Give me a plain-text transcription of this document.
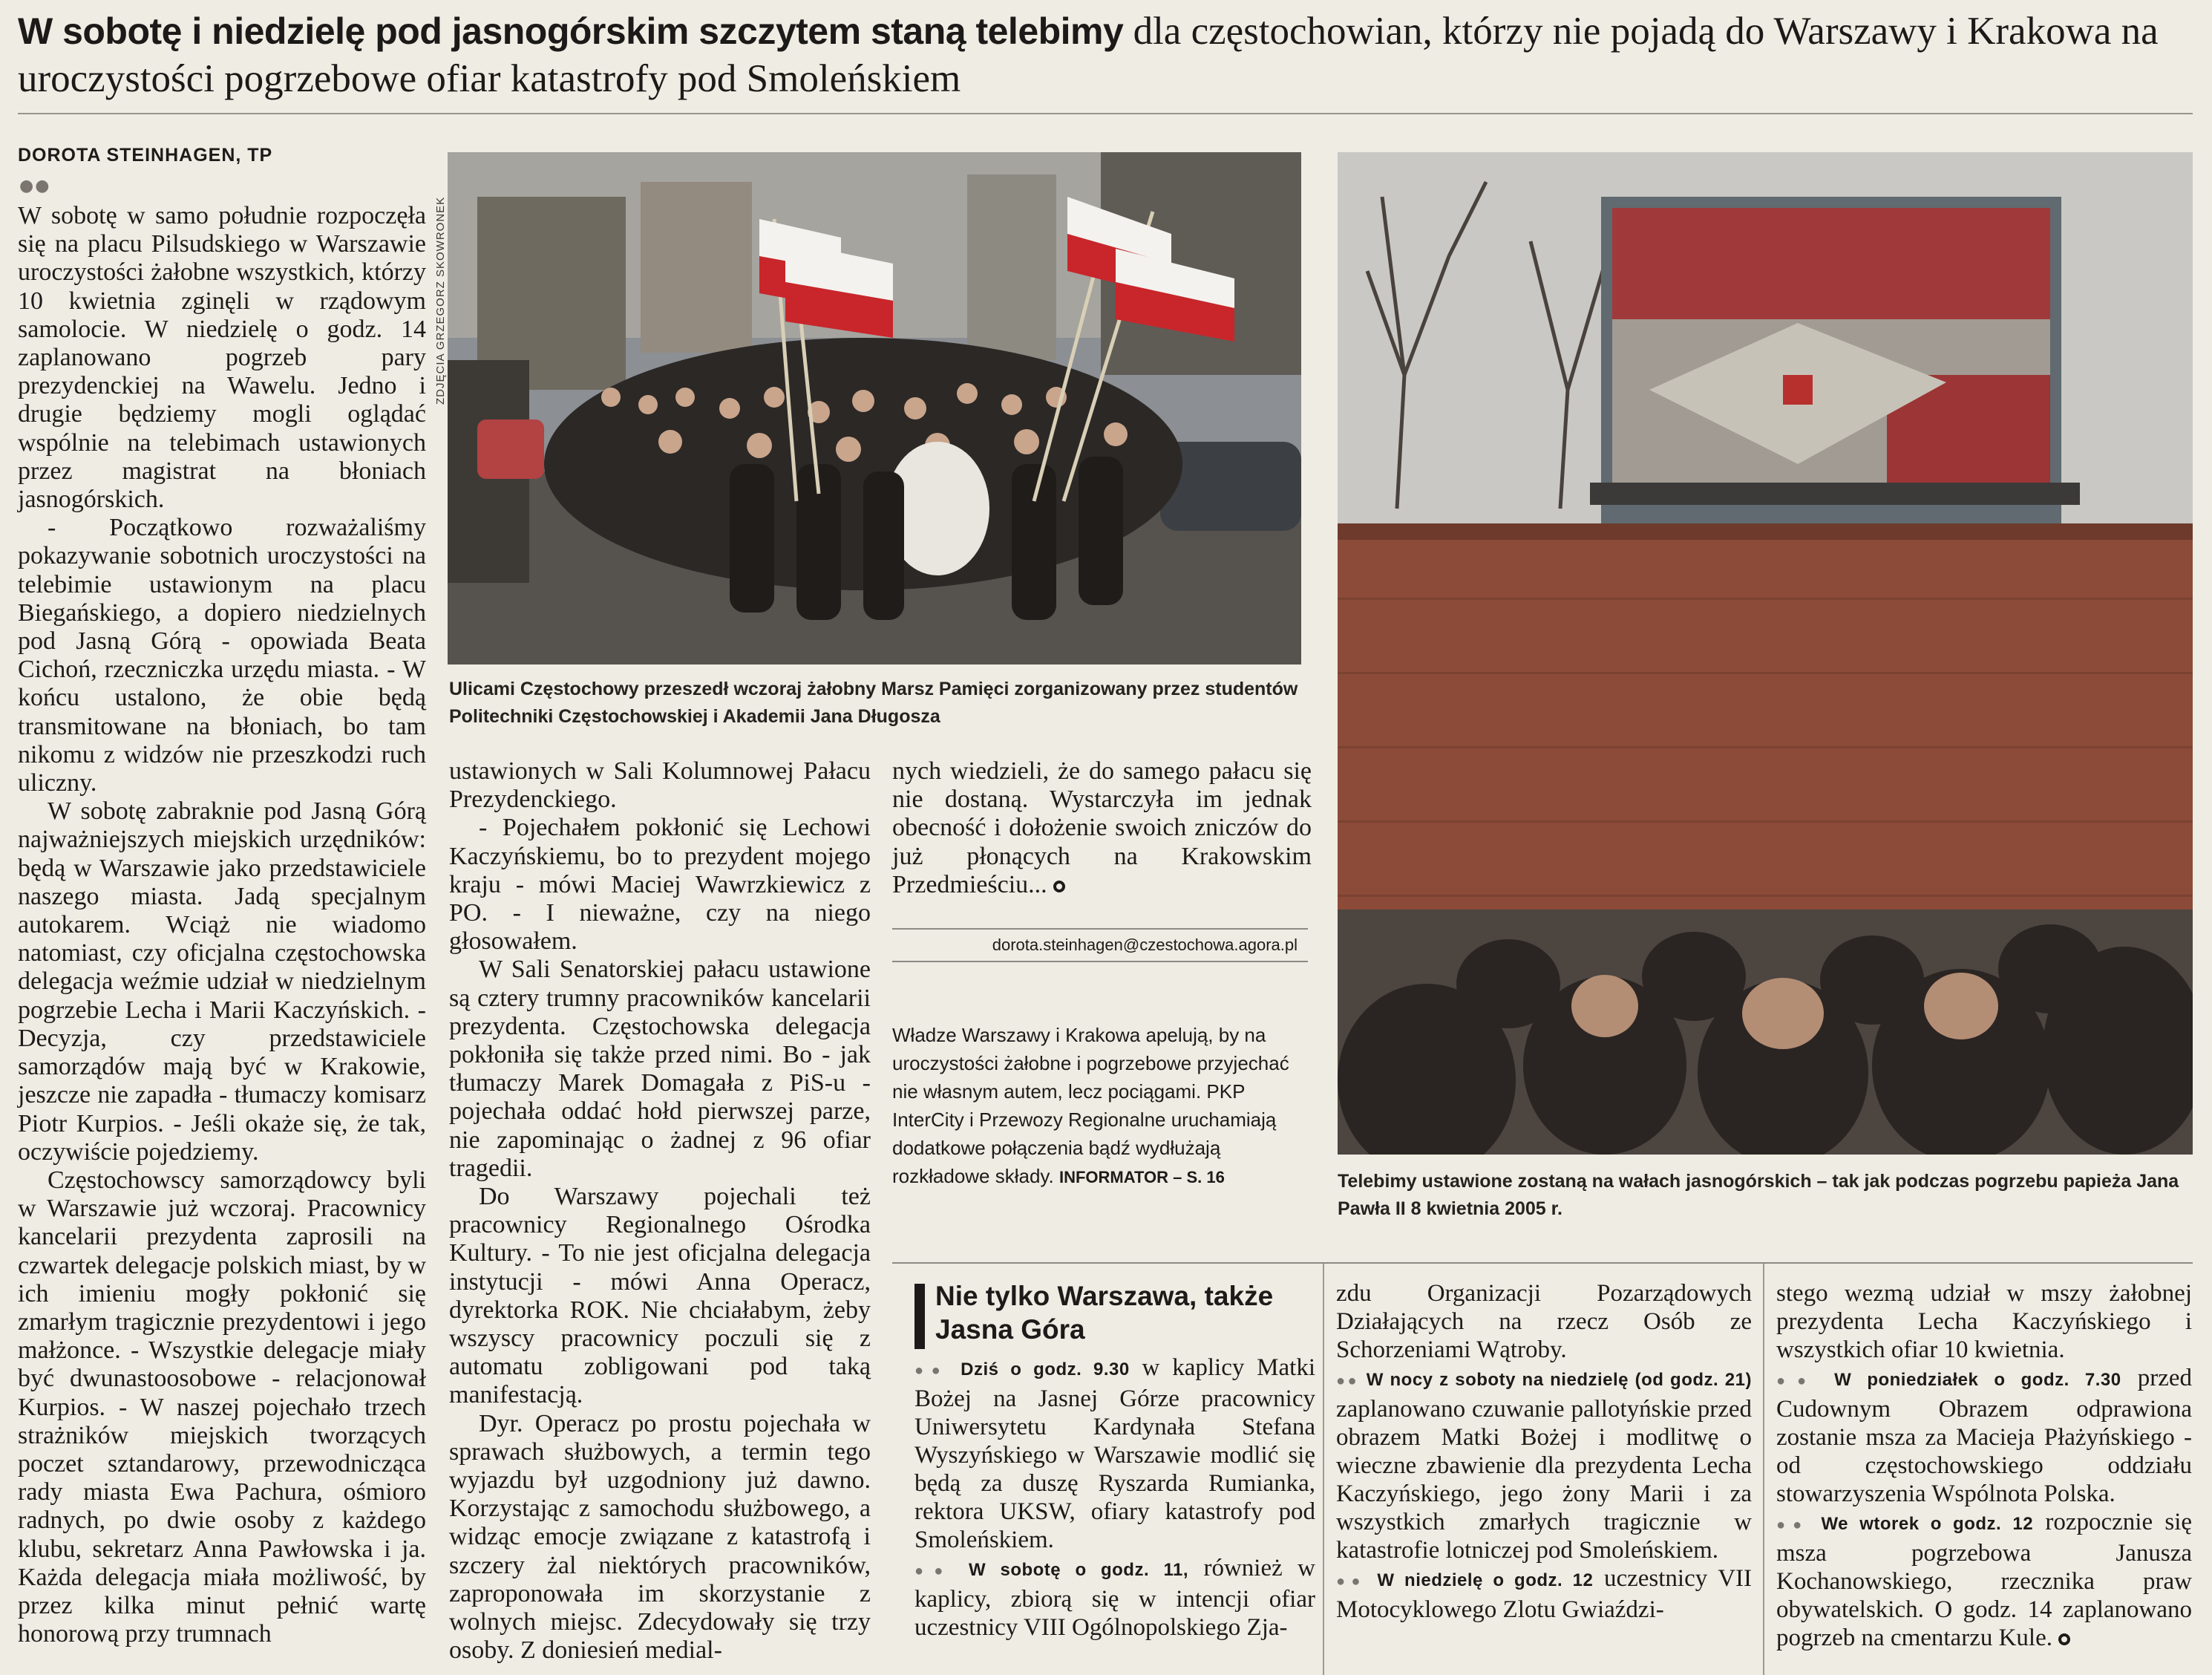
W sobotę i niedzielę pod jasnogórskim szczytem staną telebimy dla częstochowian, którzy nie pojadą do Warszawy i Krakowa na uroczystości pogrzebowe ofiar katastrofy pod Smoleńskiem
DOROTA STEINHAGEN, TP
●●

W sobotę w samo południe rozpoczęła się na placu Pilsudskiego w Warszawie uroczystości żałobne wszystkich, którzy 10 kwietnia zginęli w rządowym samolocie. W niedzielę o godz. 14 zaplanowano pogrzeb pary prezydenckiej na Wawelu. Jedno i drugie będziemy mogli oglądać wspólnie na telebimach ustawionych przez magistrat na błoniach jasnogórskich.

- Początkowo rozważaliśmy pokazywanie sobotnich uroczystości na telebimie ustawionym na placu Biegańskiego, a dopiero niedzielnych pod Jasną Górą - opowiada Beata Cichoń, rzeczniczka urzędu miasta. - W końcu ustalono, że obie będą transmitowane na błoniach, bo tam nikomu z widzów nie przeszkodzi ruch uliczny.

W sobotę zabraknie pod Jasną Górą najważniejszych miejskich urzędników: będą w Warszawie jako przedstawiciele naszego miasta. Jadą specjalnym autokarem. Wciąż nie wiadomo natomiast, czy oficjalna częstochowska delegacja weźmie udział w niedzielnym pogrzebie Lecha i Marii Kaczyńskich. - Decyzja, czy przedstawiciele samorządów mają być w Krakowie, jeszcze nie zapadła - tłumaczy komisarz Piotr Kurpios. - Jeśli okaże się, że tak, oczywiście pojedziemy.

Częstochowscy samorządowcy byli w Warszawie już wczoraj. Pracownicy kancelarii prezydenta zaprosili na czwartek delegacje polskich miast, by w ich imieniu mogły pokłonić się zmarłym tragicznie prezydentowi i jego małżonce. - Wszystkie delegacje miały być dwunastoosobowe - relacjonował Kurpios. - W naszej pojechało trzech strażników miejskich tworzących poczet sztandarowy, przewodnicząca rady miasta Ewa Pachura, ośmioro radnych, po dwie osoby z każdego klubu, sekretarz Anna Pawłowska i ja. Każda delegacja miała możliwość, by przez kilka minut pełnić wartę honorową przy trumnach

ZDJĘCIA GRZEGORZ SKOWRONEK
Ulicami Częstochowy przeszedł wczoraj żałobny Marsz Pamięci zorganizowany przez studentów Politechniki Częstochowskiej i Akademii Jana Długosza
Telebimy ustawione zostaną na wałach jasnogórskich – tak jak podczas pogrzebu papieża Jana Pawła II 8 kwietnia 2005 r.

ustawionych w Sali Kolumnowej Pałacu Prezydenckiego.

- Pojechałem pokłonić się Lechowi Kaczyńskiemu, bo to prezydent mojego kraju - mówi Maciej Wawrzkiewicz z PO. - I nieważne, czy na niego głosowałem.

W Sali Senatorskiej pałacu ustawione są cztery trumny pracowników kancelarii prezydenta. Częstochowska delegacja pokłoniła się także przed nimi. Bo - jak tłumaczy Marek Domagała z PiS-u - pojechała oddać hołd pierwszej parze, nie zapominając o żadnej z 96 ofiar tragedii.

Do Warszawy pojechali też pracownicy Regionalnego Ośrodka Kultury. - To nie jest oficjalna delegacja instytucji - mówi Anna Operacz, dyrektorka ROK. Nie chciałabym, żeby wszyscy pracownicy poczuli się z automatu zobligowani pod taką manifestacją.

Dyr. Operacz po prostu pojechała w sprawach służbowych, a termin tego wyjazdu był uzgodniony już dawno. Korzystając z samochodu służbowego, a widząc emocje związane z katastrofą i szczery żal niektórych pracowników, zaproponowała im skorzystanie z wolnych miejsc. Zdecydowały się trzy osoby. Z doniesień medial-

nych wiedzieli, że do samego pałacu się nie dostaną. Wystarczyła im jednak obecność i dołożenie swoich zniczów do już płonących na Krakowskim Przedmieściu...

dorota.steinhagen@czestochowa.agora.pl
Władze Warszawy i Krakowa apelują, by na uroczystości żałobne i pogrzebowe przyjechać nie własnym autem, lecz pociągami. PKP InterCity i Przewozy Regionalne uruchamiają dodatkowe połączenia bądź wydłużają rozkładowe składy. INFORMATOR – S. 16
Nie tylko Warszawa, także Jasna Góra

●● Dziś o godz. 9.30 w kaplicy Matki Bożej na Jasnej Górze pracownicy Uniwersytetu Kardynała Stefana Wyszyńskiego w Warszawie modlić się będą za duszę Ryszarda Rumianka, rektora UKSW, ofiary katastrofy pod Smoleńskiem.

●● W sobotę o godz. 11, również w kaplicy, zbiorą się w intencji ofiar uczestnicy VIII Ogólnopolskiego Zja-

zdu Organizacji Pozarządowych Działających na rzecz Osób ze Schorzeniami Wątroby.

●● W nocy z soboty na niedzielę (od godz. 21) zaplanowano czuwanie pallotyńskie przed obrazem Matki Bożej i modlitwę o wieczne zbawienie dla prezydenta Lecha Kaczyńskiego, jego żony Marii i za wszystkich zmarłych tragicznie w katastrofie lotniczej pod Smoleńskiem.

●● W niedzielę o godz. 12 uczestnicy VII Motocyklowego Zlotu Gwiaździ-

stego wezmą udział w mszy żałobnej prezydenta Lecha Kaczyńskiego i wszystkich ofiar 10 kwietnia.

●● W poniedziałek o godz. 7.30 przed Cudownym Obrazem odprawiona zostanie msza za Macieja Płażyńskiego - od częstochowskiego oddziału stowarzyszenia Wspólnota Polska.

●● We wtorek o godz. 12 rozpocznie się msza pogrzebowa Janusza Kochanowskiego, rzecznika praw obywatelskich. O godz. 14 zaplanowano pogrzeb na cmentarzu Kule.
